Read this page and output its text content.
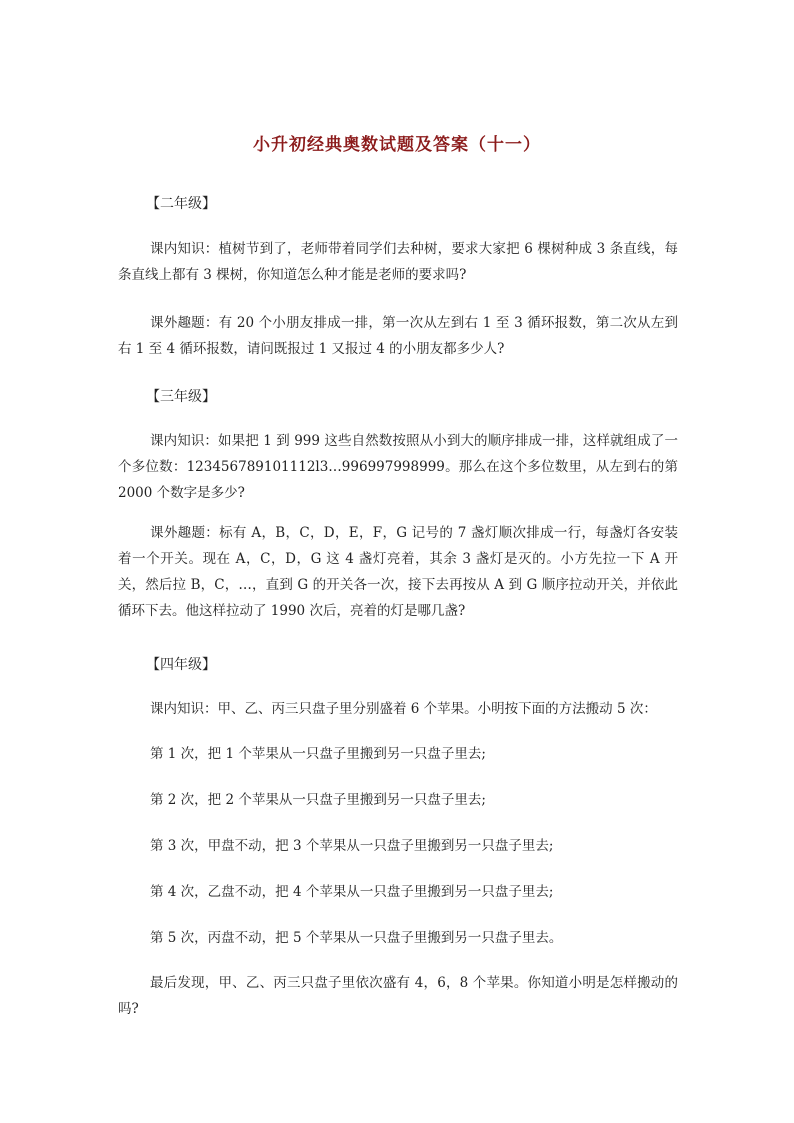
小升初经典奥数试题及答案（十一）
【二年级】
课内知识：植树节到了，老师带着同学们去种树，要求大家把 6 棵树种成 3 条直线，每条直线上都有 3 棵树，你知道怎么种才能是老师的要求吗?
课外趣题：有 20 个小朋友排成一排，第一次从左到右 1 至 3 循环报数，第二次从左到右 1 至 4 循环报数，请问既报过 1 又报过 4 的小朋友都多少人?
【三年级】
课内知识：如果把 1 到 999 这些自然数按照从小到大的顺序排成一排，这样就组成了一个多位数：123456789101112l3…996997998999。那么在这个多位数里，从左到右的第 2000 个数字是多少?
课外趣题：标有 A，B，C，D，E，F，G 记号的 7 盏灯顺次排成一行，每盏灯各安装着一个开关。现在 A，C，D，G 这 4 盏灯亮着，其余 3 盏灯是灭的。小方先拉一下 A 开关，然后拉 B，C，…，直到 G 的开关各一次，接下去再按从 A 到 G 顺序拉动开关，并依此循环下去。他这样拉动了 1990 次后，亮着的灯是哪几盏?
【四年级】
课内知识：甲、乙、丙三只盘子里分别盛着 6 个苹果。小明按下面的方法搬动 5 次：
第 1 次，把 1 个苹果从一只盘子里搬到另一只盘子里去;
第 2 次，把 2 个苹果从一只盘子里搬到另一只盘子里去;
第 3 次，甲盘不动，把 3 个苹果从一只盘子里搬到另一只盘子里去;
第 4 次，乙盘不动，把 4 个苹果从一只盘子里搬到另一只盘子里去;
第 5 次，丙盘不动，把 5 个苹果从一只盘子里搬到另一只盘子里去。
最后发现，甲、乙、丙三只盘子里依次盛有 4，6，8 个苹果。你知道小明是怎样搬动的吗?
